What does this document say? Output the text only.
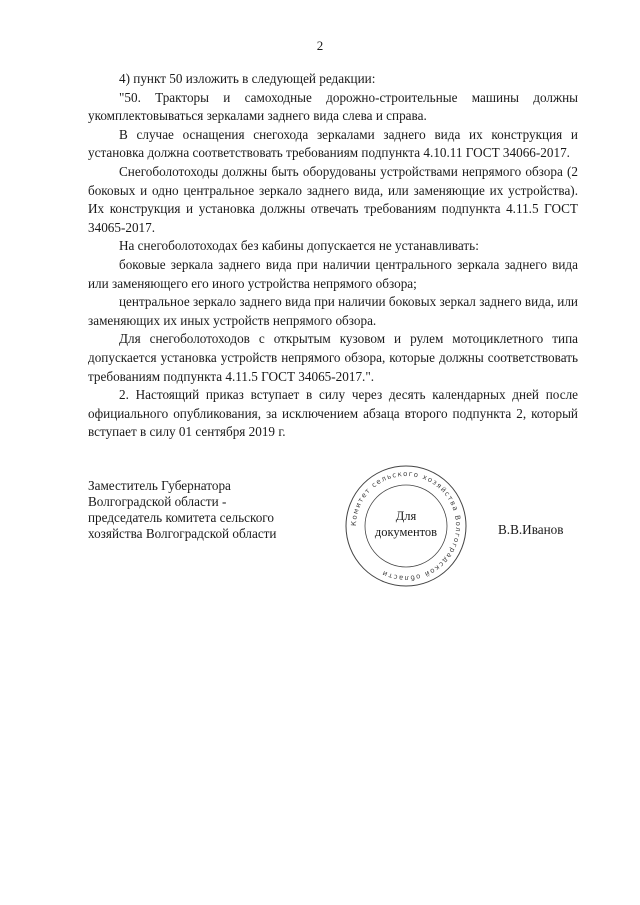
2

4) пункт 50 изложить в следующей редакции:

"50. Тракторы и самоходные дорожно-строительные машины должны укомплектовываться зеркалами заднего вида слева и справа.

В случае оснащения снегохода зеркалами заднего вида их конструкция и установка должна соответствовать требованиям подпункта 4.10.11 ГОСТ 34066-2017.

Снегоболотоходы должны быть оборудованы устройствами непрямого обзора (2 боковых и одно центральное зеркало заднего вида, или заменяющие их устройства). Их конструкция и установка должны отвечать требованиям подпункта 4.11.5 ГОСТ 34065-2017.

На снегоболотоходах без кабины допускается не устанавливать:

боковые зеркала заднего вида при наличии центрального зеркала заднего вида или заменяющего его иного устройства непрямого обзора;

центральное зеркало заднего вида при наличии боковых зеркал заднего вида, или заменяющих их иных устройств непрямого обзора.

Для снегоболотоходов с открытым кузовом и рулем мотоциклетного типа допускается установка устройств непрямого обзора, которые должны соответствовать требованиям подпункта 4.11.5 ГОСТ 34065-2017.".

2. Настоящий приказ вступает в силу через десять календарных дней после официального опубликования, за исключением абзаца второго подпункта 2, который вступает в силу 01 сентября 2019 г.

Заместитель Губернатора
Волгоградской области -
председатель комитета сельского
хозяйства Волгоградской области
Комитет сельского хозяйства Волгоградской области
Для
документов	В.В.Иванов
